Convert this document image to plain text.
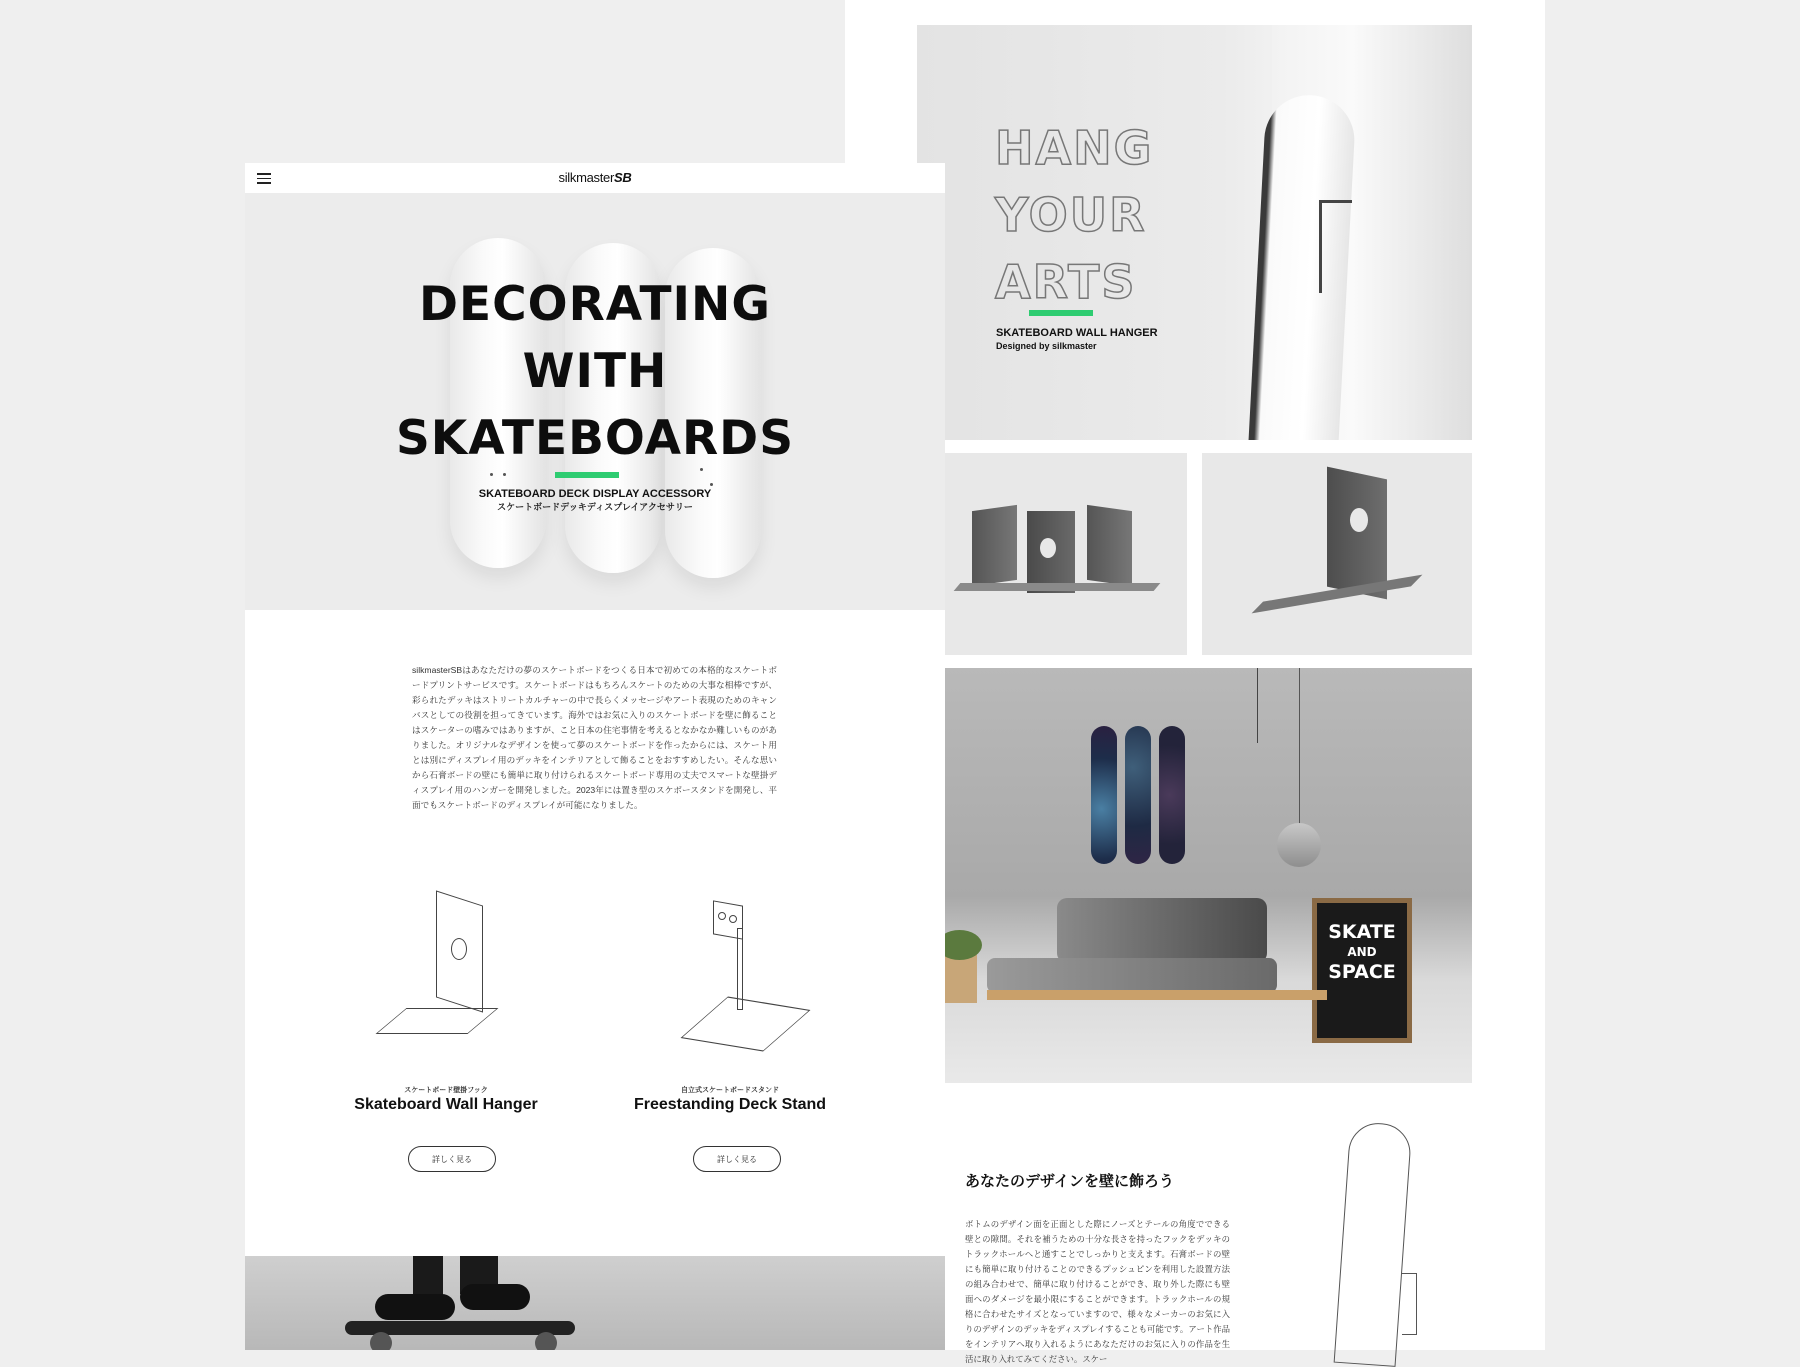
HANG
YOUR
ARTS
SKATEBOARD WALL HANGER
Designed by silkmaster
SKATE
AND
SPACE
あなたのデザインを壁に飾ろう
ボトムのデザイン面を正面とした際にノーズとテールの角度でできる壁との隙間。それを補うための十分な長さを持ったフックをデッキのトラックホールへと通すことでしっかりと支えます。石膏ボードの壁にも簡単に取り付けることのできるプッシュピンを利用した設置方法の組み合わせで、簡単に取り付けることができ、取り外した際にも壁面へのダメージを最小限にすることができます。トラックホールの規格に合わせたサイズとなっていますので、様々なメーカーのお気に入りのデザインのデッキをディスプレイすることも可能です。アート作品をインテリアへ取り入れるようにあなただけのお気に入りの作品を生活に取り入れてみてください。スケー
silkmasterSB
DECORATING
WITH
SKATEBOARDS
SKATEBOARD DECK DISPLAY ACCESSORY
スケートボードデッキディスプレイアクセサリー
silkmasterSBはあなただけの夢のスケートボードをつくる日本で初めての本格的なスケートボードプリントサービスです。スケートボードはもちろんスケートのための大事な相棒ですが、彩られたデッキはストリートカルチャーの中で長らくメッセージやアート表現のためのキャンバスとしての役割を担ってきています。海外ではお気に入りのスケートボードを壁に飾ることはスケーターの嗜みではありますが、こと日本の住宅事情を考えるとなかなか難しいものがありました。オリジナルなデザインを使って夢のスケートボードを作ったからには、スケート用とは別にディスプレイ用のデッキをインテリアとして飾ることをおすすめしたい。そんな思いから石膏ボードの壁にも簡単に取り付けられるスケートボード専用の丈夫でスマートな壁掛ディスプレイ用のハンガーを開発しました。2023年には置き型のスケボースタンドを開発し、平面でもスケートボードのディスプレイが可能になりました。
スケートボード壁掛フック
Skateboard Wall Hanger
詳しく見る
自立式スケートボードスタンド
Freestanding Deck Stand
詳しく見る
